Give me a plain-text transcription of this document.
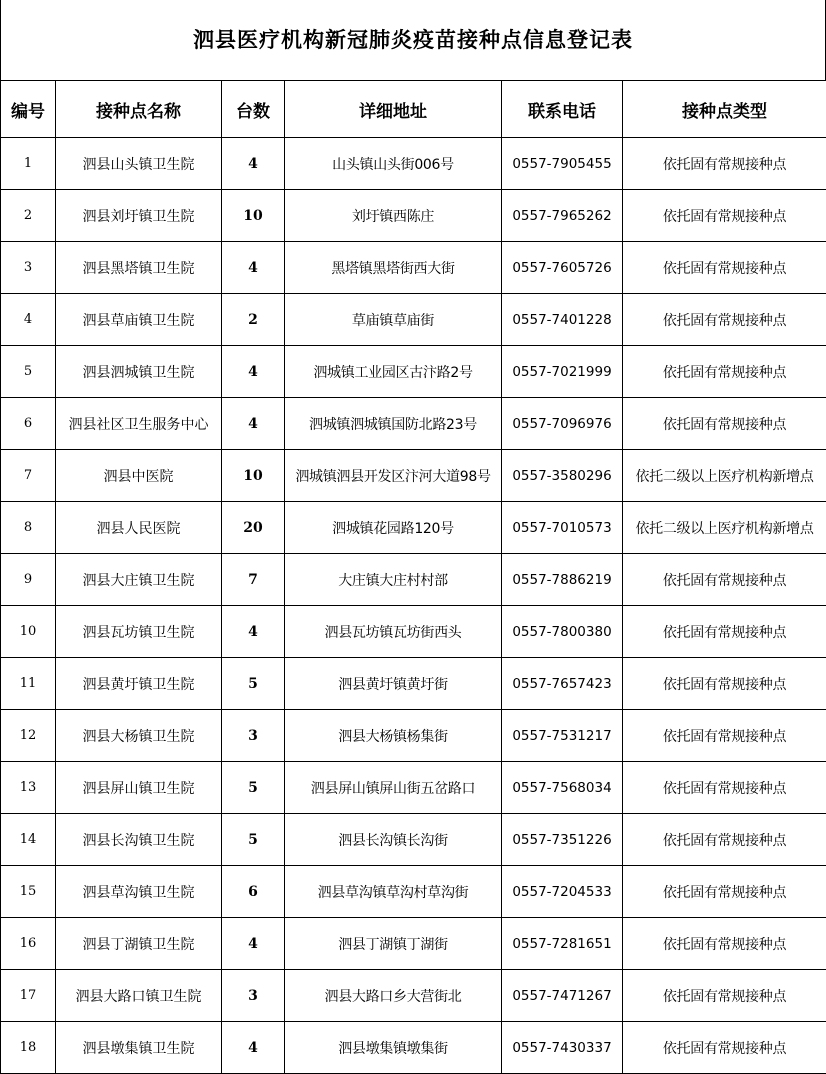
泗县医疗机构新冠肺炎疫苗接种点信息登记表
编号	接种点名称	台数	详细地址	联系电话	接种点类型
1	泗县山头镇卫生院	4	山头镇山头街006号	0557-7905455	依托固有常规接种点
2	泗县刘圩镇卫生院	10	刘圩镇西陈庄	0557-7965262	依托固有常规接种点
3	泗县黑塔镇卫生院	4	黑塔镇黑塔街西大街	0557-7605726	依托固有常规接种点
4	泗县草庙镇卫生院	2	草庙镇草庙街	0557-7401228	依托固有常规接种点
5	泗县泗城镇卫生院	4	泗城镇工业园区古汴路2号	0557-7021999	依托固有常规接种点
6	泗县社区卫生服务中心	4	泗城镇泗城镇国防北路23号	0557-7096976	依托固有常规接种点
7	泗县中医院	10	泗城镇泗县开发区汴河大道98号	0557-3580296	依托二级以上医疗机构新增点
8	泗县人民医院	20	泗城镇花园路120号	0557-7010573	依托二级以上医疗机构新增点
9	泗县大庄镇卫生院	7	大庄镇大庄村村部	0557-7886219	依托固有常规接种点
10	泗县瓦坊镇卫生院	4	泗县瓦坊镇瓦坊街西头	0557-7800380	依托固有常规接种点
11	泗县黄圩镇卫生院	5	泗县黄圩镇黄圩街	0557-7657423	依托固有常规接种点
12	泗县大杨镇卫生院	3	泗县大杨镇杨集街	0557-7531217	依托固有常规接种点
13	泗县屏山镇卫生院	5	泗县屏山镇屏山街五岔路口	0557-7568034	依托固有常规接种点
14	泗县长沟镇卫生院	5	泗县长沟镇长沟街	0557-7351226	依托固有常规接种点
15	泗县草沟镇卫生院	6	泗县草沟镇草沟村草沟街	0557-7204533	依托固有常规接种点
16	泗县丁湖镇卫生院	4	泗县丁湖镇丁湖街	0557-7281651	依托固有常规接种点
17	泗县大路口镇卫生院	3	泗县大路口乡大营街北	0557-7471267	依托固有常规接种点
18	泗县墩集镇卫生院	4	泗县墩集镇墩集街	0557-7430337	依托固有常规接种点
